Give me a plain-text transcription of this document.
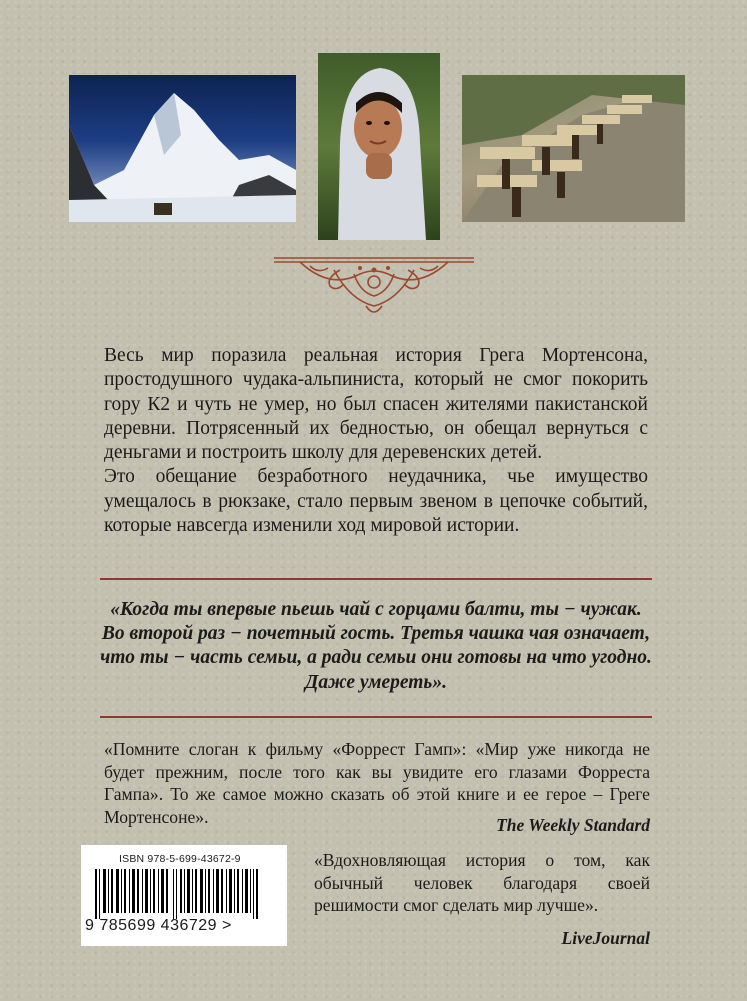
Весь мир поразила реальная история Грега Мортенсона, простодушного чудака-альпиниста, который не смог покорить гору К2 и чуть не умер, но был спасен жителями пакистанской деревни. Потрясенный их бедностью, он обещал вернуться с деньгами и построить школу для деревенских детей.

Это обещание безработного неудачника, чье имущество умещалось в рюкзаке, стало первым звеном в цепочке событий, которые навсегда изменили ход мировой истории.

«Когда ты впервые пьешь чай с горцами балти, ты − чужак.
Во второй раз − почетный гость. Третья чашка чая означает,
что ты − часть семьи, а ради семьи они готовы на что угодно.
Даже умереть».

«Помните слоган к фильму «Форрест Гамп»: «Мир уже никогда не будет прежним, после того как вы увидите его глазами Форреста Гампа». То же самое можно сказать об этой книге и ее герое – Греге Мортенсоне».	The Weekly Standard

«Вдохновляющая история о том, как обычный человек благодаря своей решимости смог сделать мир лучше».

LiveJournal
ISBN 978-5-699-43672-9
9 785699 436729 >
